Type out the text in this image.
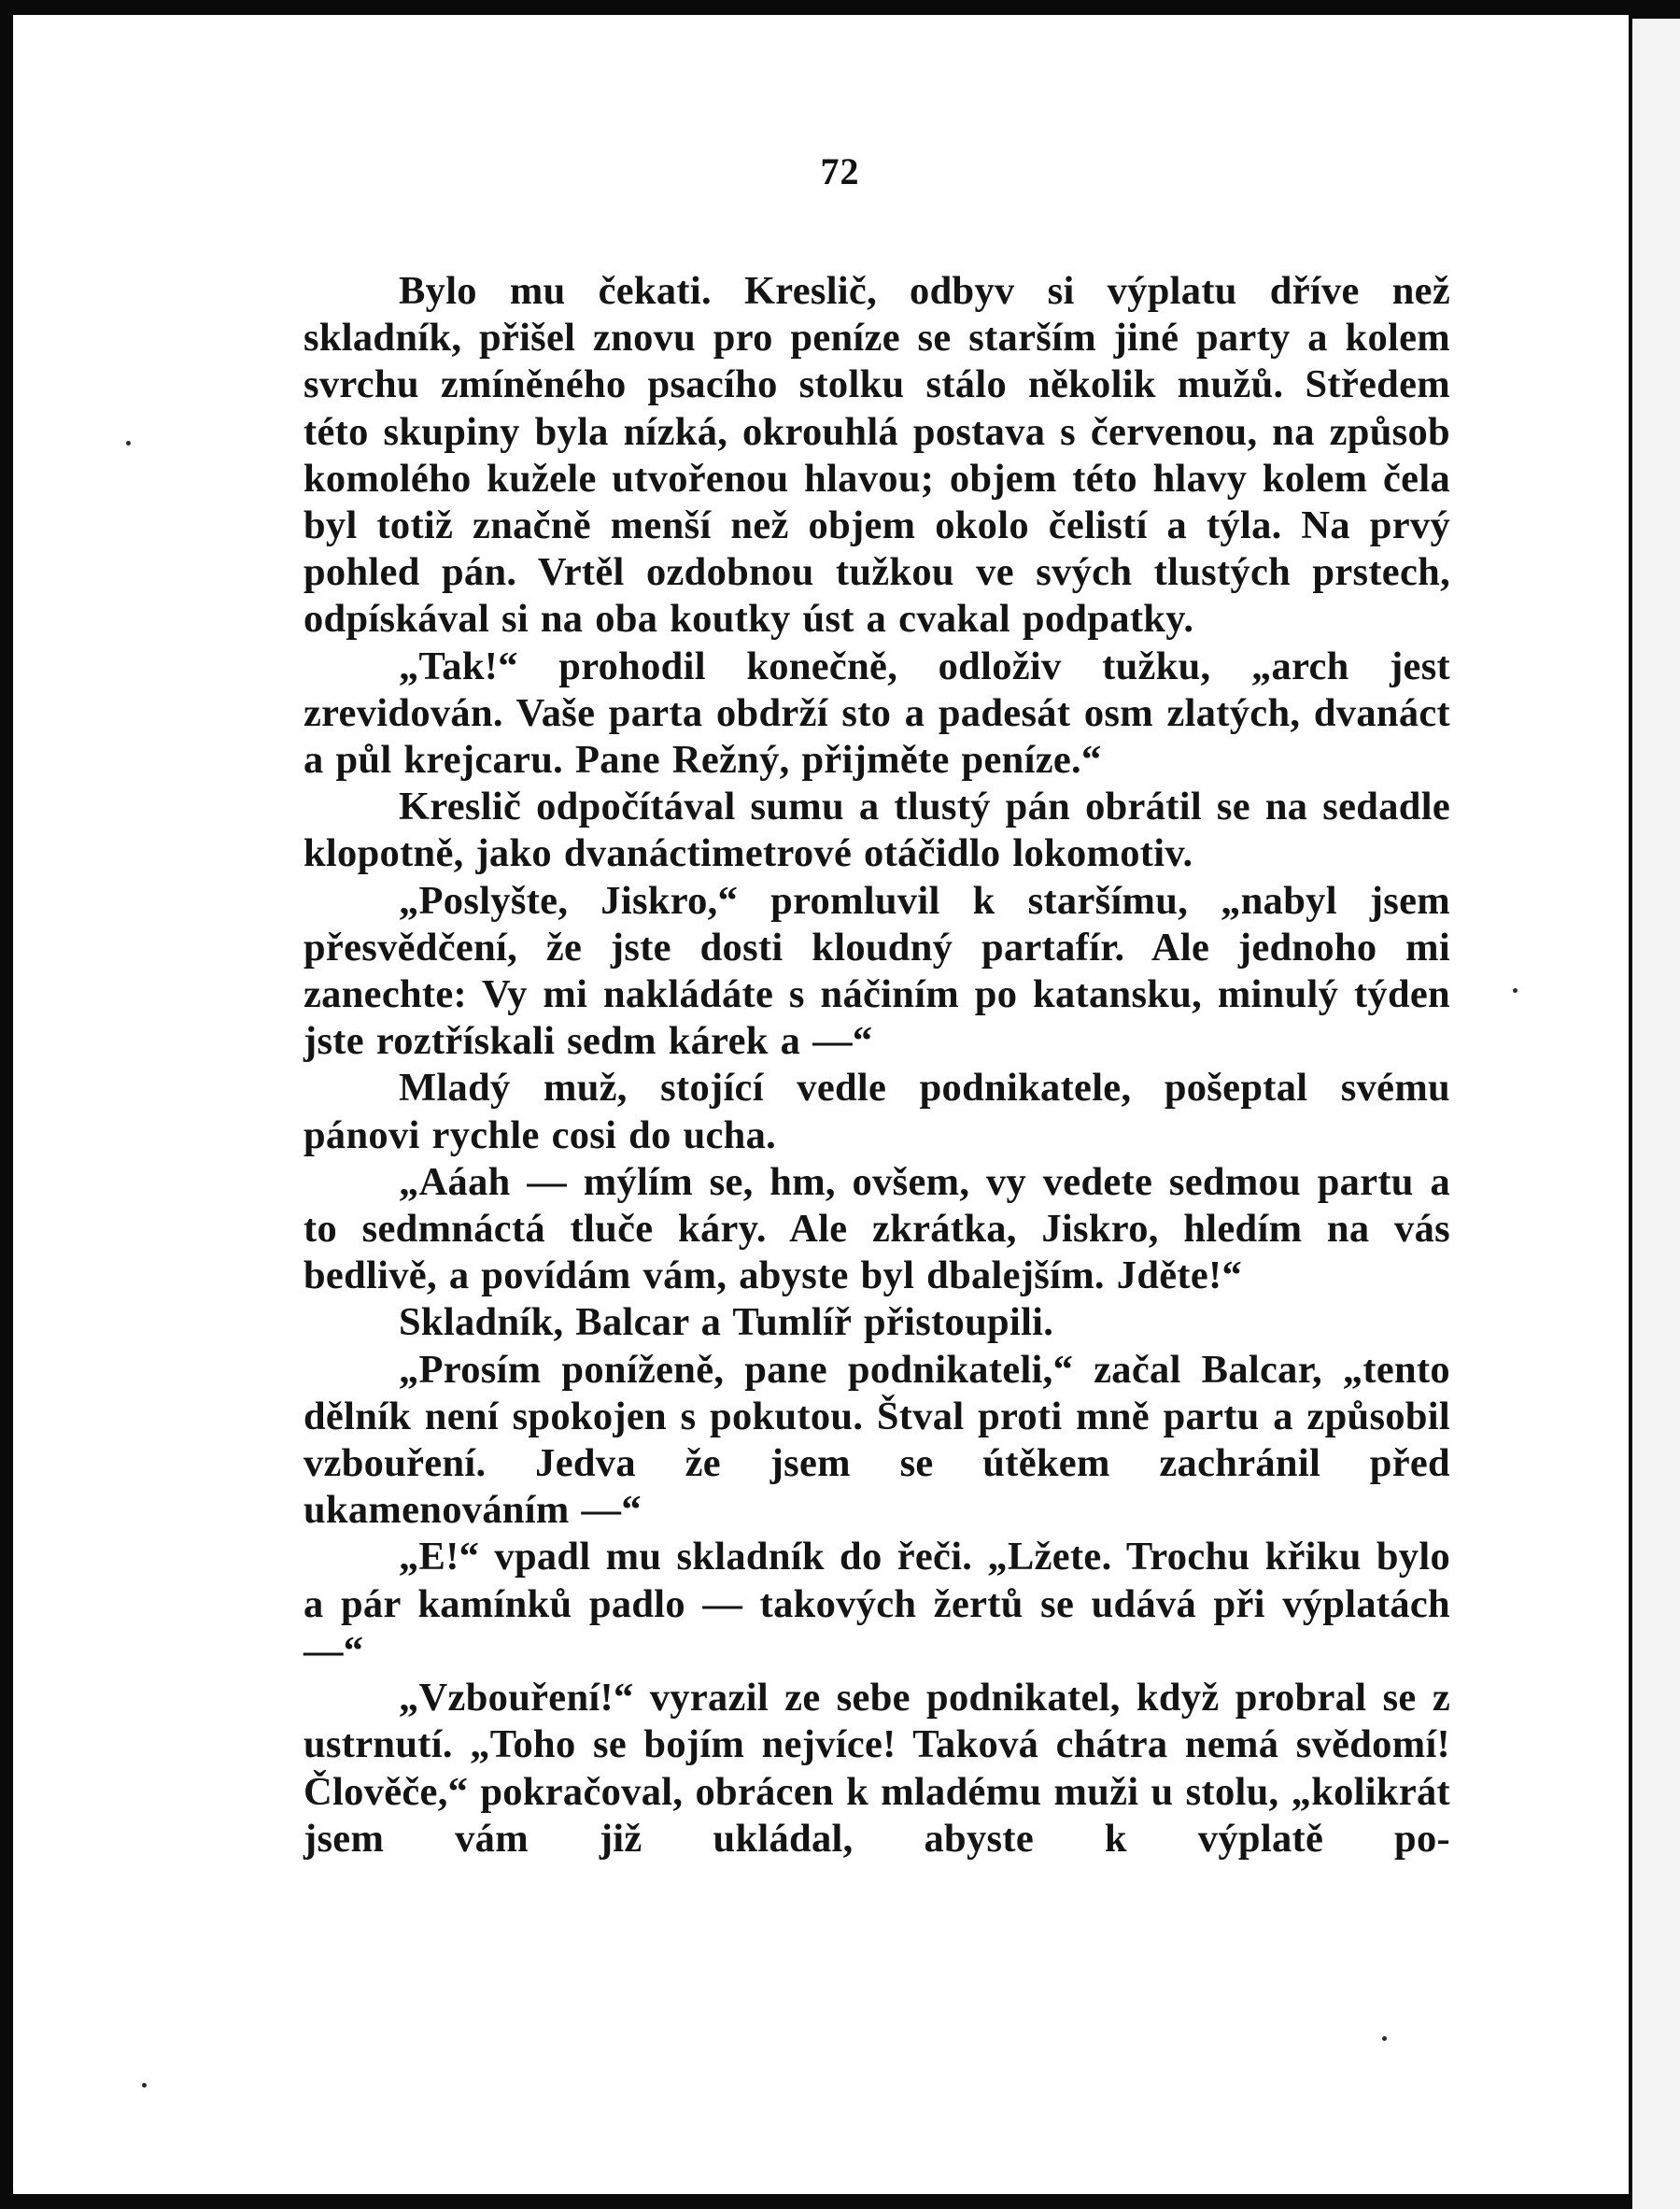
72

Bylo mu čekati. Kreslič, odbyv si výplatu dříve než skladník, přišel znovu pro peníze se starším jiné party a kolem svrchu zmíněného psacího stolku stálo několik mužů. Středem této skupiny byla nízká, okrouhlá postava s červenou, na způsob komolého kužele utvořenou hlavou; objem této hlavy kolem čela byl totiž značně menší než objem okolo čelistí a týla. Na prvý pohled pán. Vrtěl ozdobnou tužkou ve svých tlustých prstech, odpískával si na oba koutky úst a cvakal podpatky.

„Tak!“ prohodil konečně, odloživ tužku, „arch jest zrevidován. Vaše parta obdrží sto a padesát osm zlatých, dvanáct a půl krejcaru. Pane Režný, přijměte peníze.“

Kreslič odpočítával sumu a tlustý pán obrátil se na sedadle klopotně, jako dvanáctimetrové otáčidlo lokomotiv.

„Poslyšte, Jiskro,“ promluvil k staršímu, „nabyl jsem přesvědčení, že jste dosti kloudný partafír. Ale jednoho mi zanechte: Vy mi nakládáte s náčiním po katansku, minulý týden jste roztřískali sedm kárek a —“

Mladý muž, stojící vedle podnikatele, pošeptal svému pánovi rychle cosi do ucha.

„Aáah — mýlím se, hm, ovšem, vy vedete sedmou partu a to sedmnáctá tluče káry. Ale zkrátka, Jiskro, hledím na vás bedlivě, a povídám vám, abyste byl dbalejším. Jděte!“

Skladník, Balcar a Tumlíř přistoupili.

„Prosím poníženě, pane podnikateli,“ začal Balcar, „tento dělník není spokojen s pokutou. Štval proti mně partu a způsobil vzbouření. Jedva že jsem se útěkem zachránil před ukamenováním —“

„E!“ vpadl mu skladník do řeči. „Lžete. Trochu křiku bylo a pár kamínků padlo — takových žertů se udává při výplatách —“

„Vzbouření!“ vyrazil ze sebe podnikatel, když probral se z ustrnutí. „Toho se bojím nejvíce! Taková chátra nemá svědomí! Člověče,“ pokračoval, obrácen k mladému muži u stolu, „kolikrát jsem vám již ukládal, abyste k výplatě po-
